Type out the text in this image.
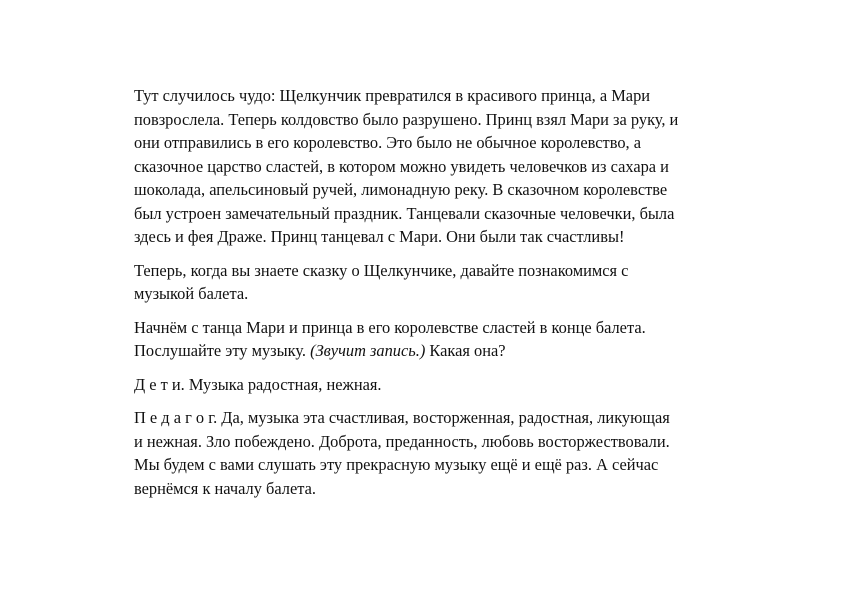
Тут случилось чудо: Щелкунчик превратился в красивого принца, а Мари
повзрослела. Теперь колдовство было разрушено. Принц взял Мари за руку, и
они отправились в его королевство. Это было не обычное королевство, а
сказочное царство сластей, в котором можно увидеть человечков из сахара и
шоколада, апельсиновый ручей, лимонадную реку. В сказочном королевстве
был устроен замечательный праздник. Танцевали сказочные человечки, была
здесь и фея Драже. Принц танцевал с Мари. Они были так счастливы!

Теперь, когда вы знаете сказку о Щелкунчике, давайте познакомимся с
музыкой балета.

Начнём с танца Мари и принца в его королевстве сластей в конце балета.
Послушайте эту музыку. (Звучит запись.) Какая она?

Д е т и. Музыка радостная, нежная.

П е д а г о г. Да, музыка эта счастливая, восторженная, радостная, ликующая
и нежная. Зло побеждено. Доброта, преданность, любовь восторжествовали.
Мы будем с вами слушать эту прекрасную музыку ещё и ещё раз. А сейчас
вернёмся к началу балета.
